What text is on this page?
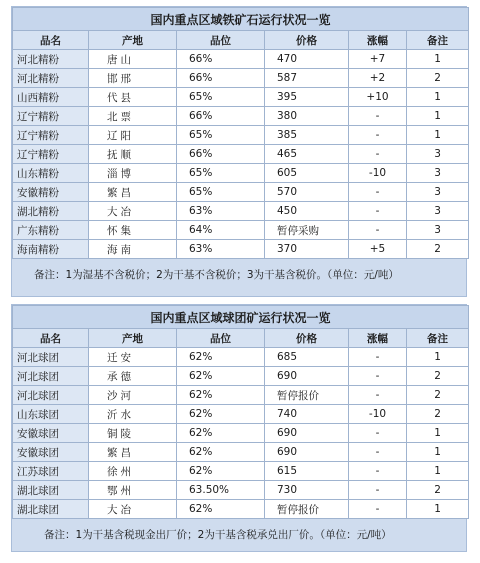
国内重点区域铁矿石运行状况一览					
品名	产地	品位	价格	涨幅	备注
河北精粉	唐山	66%	470	+7	1
河北精粉	邯邢	66%	587	+2	2
山西精粉	代县	65%	395	+10	1
辽宁精粉	北票	66%	380	-	1
辽宁精粉	辽阳	65%	385	-	1
辽宁精粉	抚顺	66%	465	-	3
山东精粉	淄博	65%	605	-10	3
安徽精粉	繁昌	65%	570	-	3
湖北精粉	大冶	63%	450	-	3
广东精粉	怀集	64%	暂停采购	-	3
海南精粉	海南	63%	370	+5	2
备注：1为湿基不含税价；2为干基不含税价；3为干基含税价。（单位：元/吨）
国内重点区域球团矿运行状况一览					
品名	产地	品位	价格	涨幅	备注
河北球团	迁安	62%	685	-	1
河北球团	承德	62%	690	-	2
河北球团	沙河	62%	暂停报价	-	2
山东球团	沂水	62%	740	-10	2
安徽球团	铜陵	62%	690	-	1
安徽球团	繁昌	62%	690	-	1
江苏球团	徐州	62%	615	-	1
湖北球团	鄂州	63.50%	730	-	2
湖北球团	大冶	62%	暂停报价	-	1
备注：1为干基含税现金出厂价；2为干基含税承兑出厂价。（单位：元/吨）
